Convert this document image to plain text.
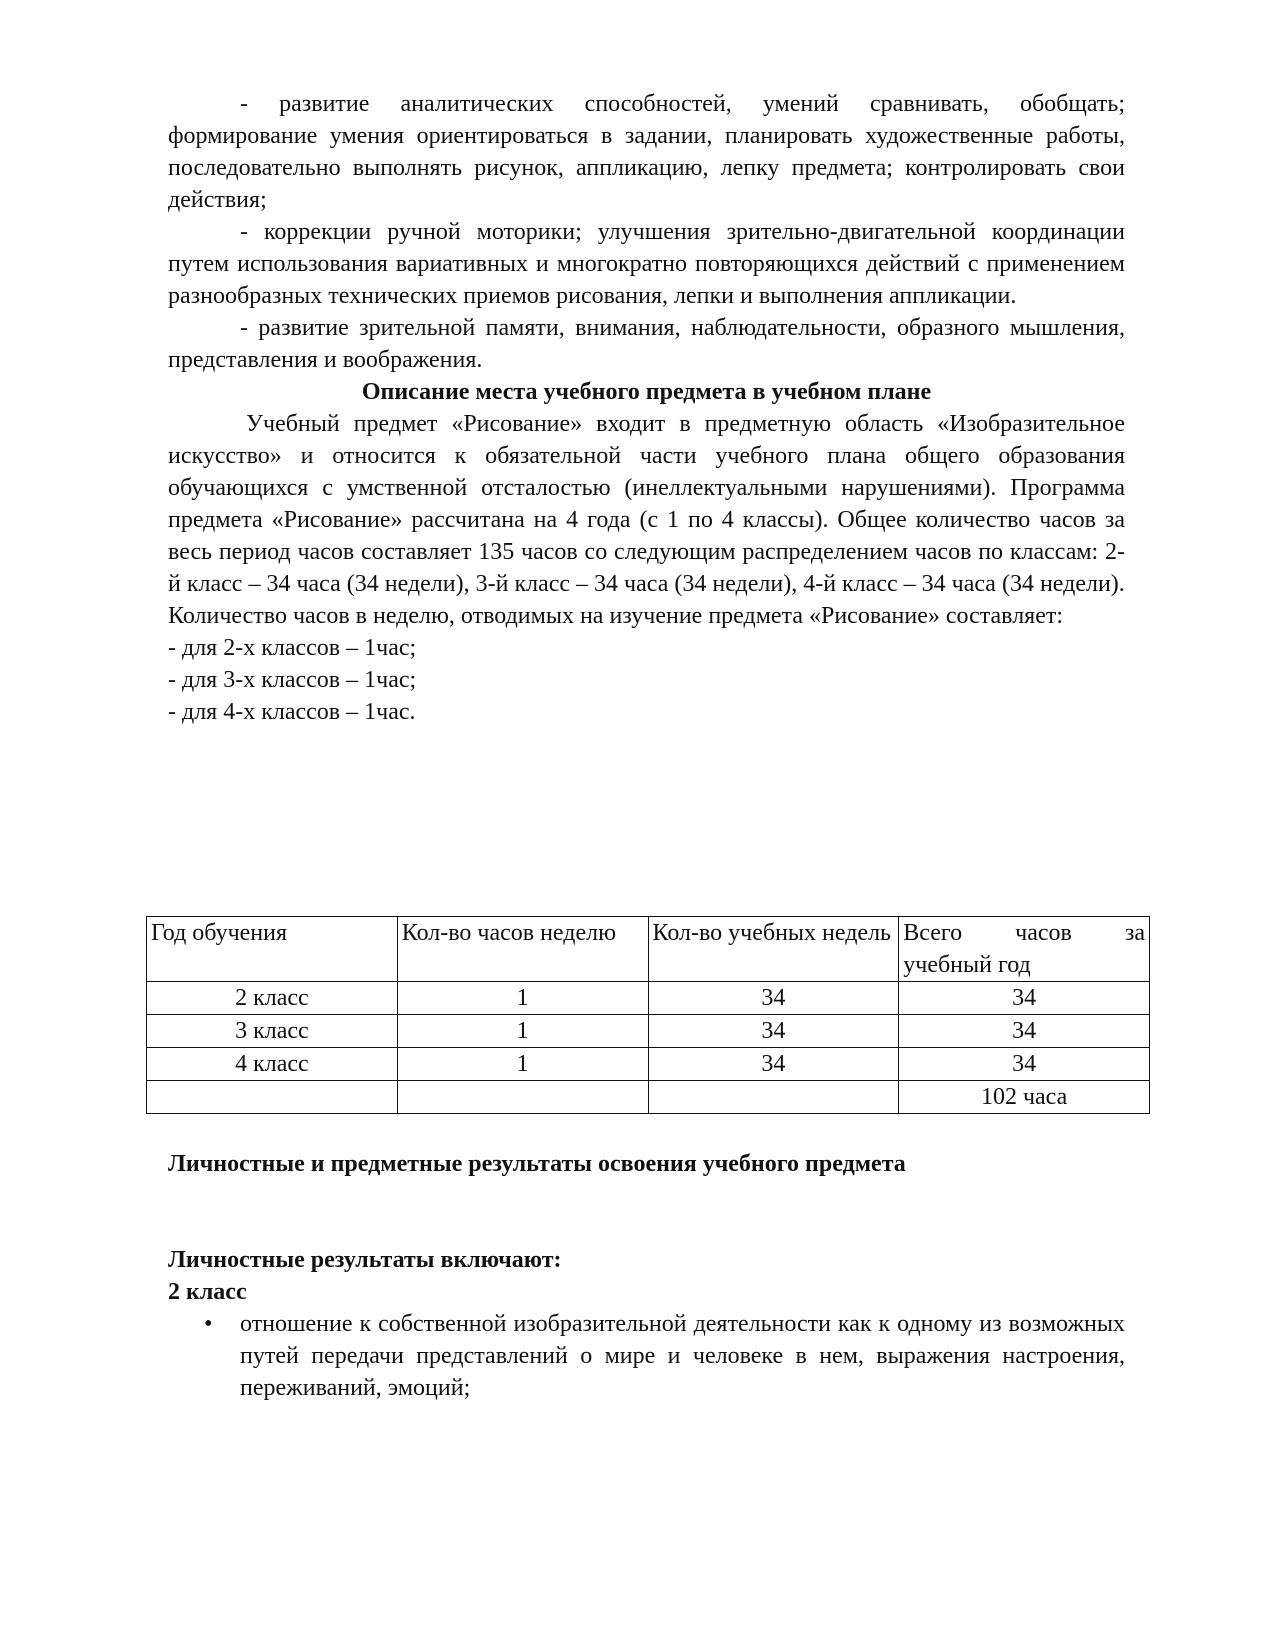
- развитие аналитических способностей, умений сравнивать, обобщать; формирование умения ориентироваться в задании, планировать художественные работы, последовательно выполнять рисунок, аппликацию, лепку предмета; контролировать свои действия;

- коррекции ручной моторики; улучшения зрительно-двигательной координации путем использования вариативных и многократно повторяющихся действий с применением разнообразных технических приемов рисования, лепки и выполнения аппликации.

- развитие зрительной памяти, внимания, наблюдательности, образного мышления, представления и воображения.

Описание места учебного предмета в учебном плане

Учебный предмет «Рисование» входит в предметную область «Изобразительное искусство» и относится к обязательной части учебного плана общего образования обучающихся с умственной отсталостью (инеллектуальными нарушениями). Программа предмета «Рисование» рассчитана на 4 года (с 1 по 4 классы). Общее количество часов за весь период часов составляет 135 часов со следующим распределением часов по классам: 2-й класс – 34 часа (34 недели), 3-й класс – 34 часа (34 недели), 4-й класс – 34 часа (34 недели).

Количество часов в неделю, отводимых на изучение предмета «Рисование» составляет:

- для 2-х классов – 1час;

- для 3-х классов – 1час;

- для 4-х классов – 1час.

Год обучения	Кол-во часов неделю	Кол-во учебных недель	Всего часов за учебный год
2 класс	1	34	34
3 класс	1	34	34
4 класс	1	34	34
			102 часа
Личностные и предметные результаты освоения учебного предмета
Личностные результаты включают:
2 класс
• отношение к собственной изобразительной деятельности как к одному из возможных путей передачи представлений о мире и человеке в нем, выражения настроения, переживаний, эмоций;
